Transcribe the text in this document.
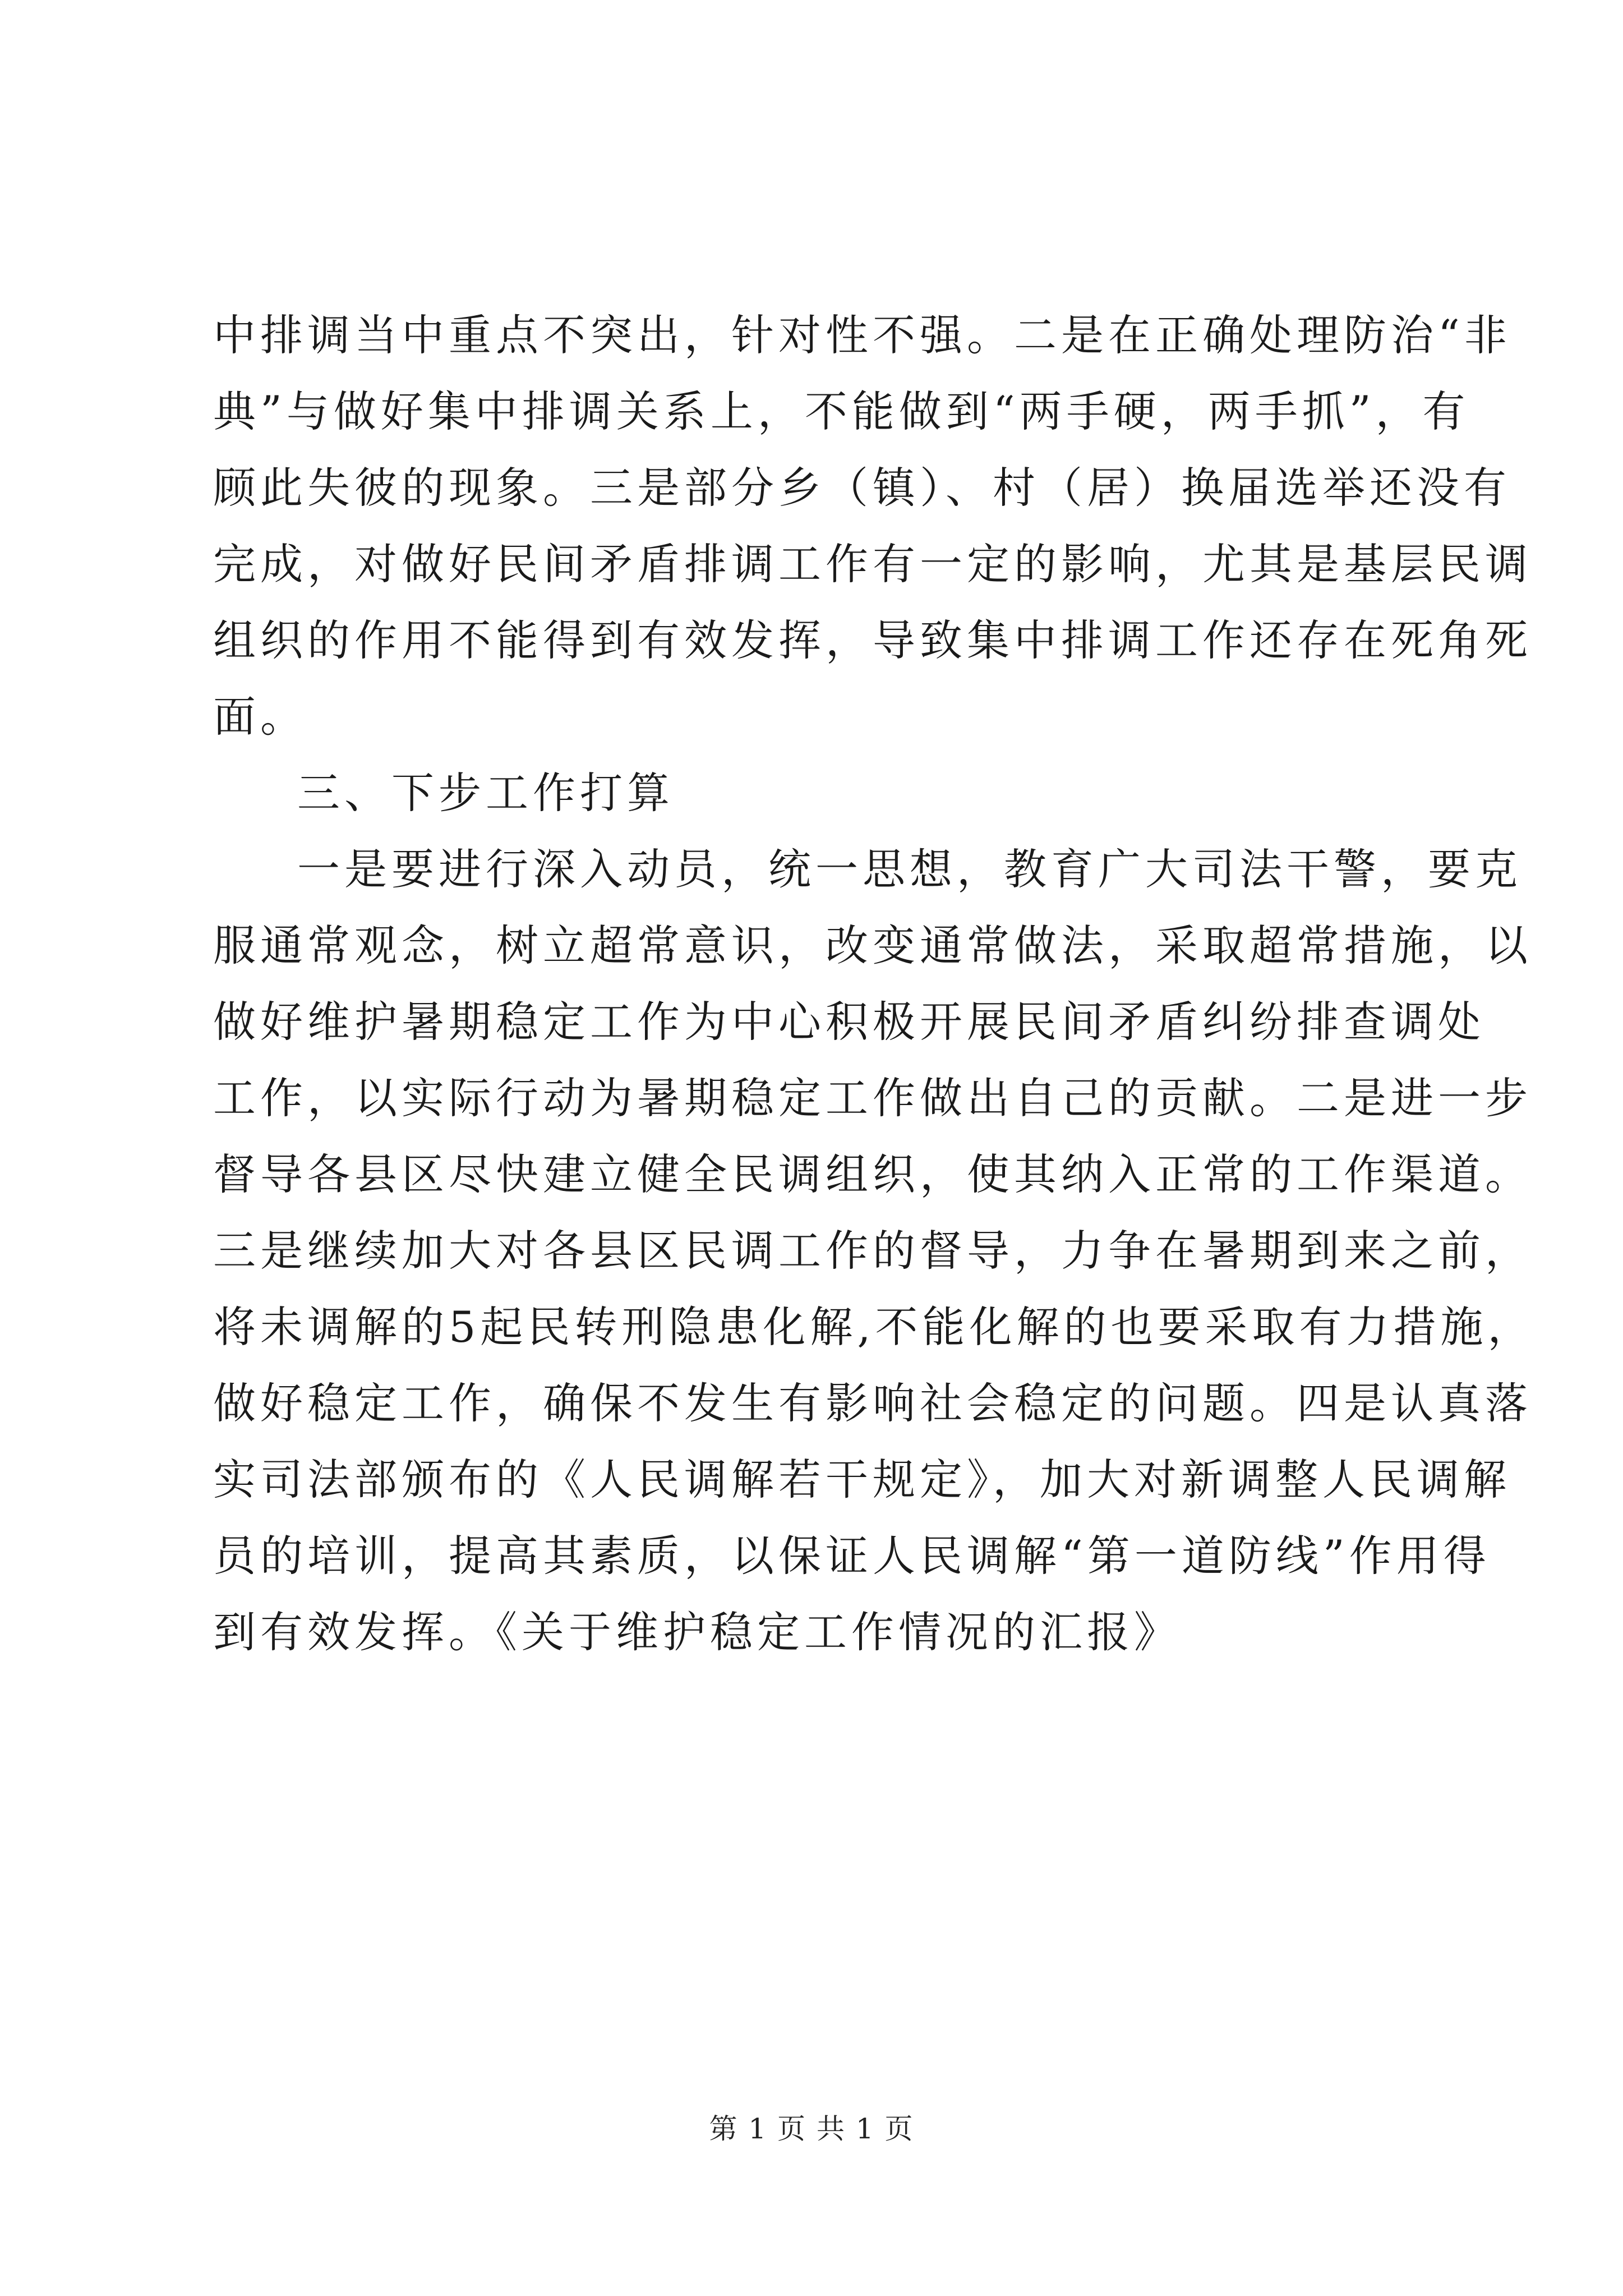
中排调当中重点不突出，针对性不强。二是在正确处理防治“非
典”与做好集中排调关系上，不能做到“两手硬，两手抓”，有
顾此失彼的现象。三是部分乡（镇）、村（居）换届选举还没有
完成，对做好民间矛盾排调工作有一定的影响，尤其是基层民调
组织的作用不能得到有效发挥，导致集中排调工作还存在死角死
面。
三、下步工作打算
一是要进行深入动员，统一思想，教育广大司法干警，要克
服通常观念，树立超常意识，改变通常做法，采取超常措施，以
做好维护暑期稳定工作为中心积极开展民间矛盾纠纷排查调处
工作，以实际行动为暑期稳定工作做出自己的贡献。二是进一步
督导各县区尽快建立健全民调组织，使其纳入正常的工作渠道。
三是继续加大对各县区民调工作的督导，力争在暑期到来之前，
将未调解的5起民转刑隐患化解,不能化解的也要采取有力措施，
做好稳定工作，确保不发生有影响社会稳定的问题。四是认真落
实司法部颁布的《人民调解若干规定》，加大对新调整人民调解
员的培训，提高其素质，以保证人民调解“第一道防线”作用得
到有效发挥。《关于维护稳定工作情况的汇报》
第 1 页 共 1 页
